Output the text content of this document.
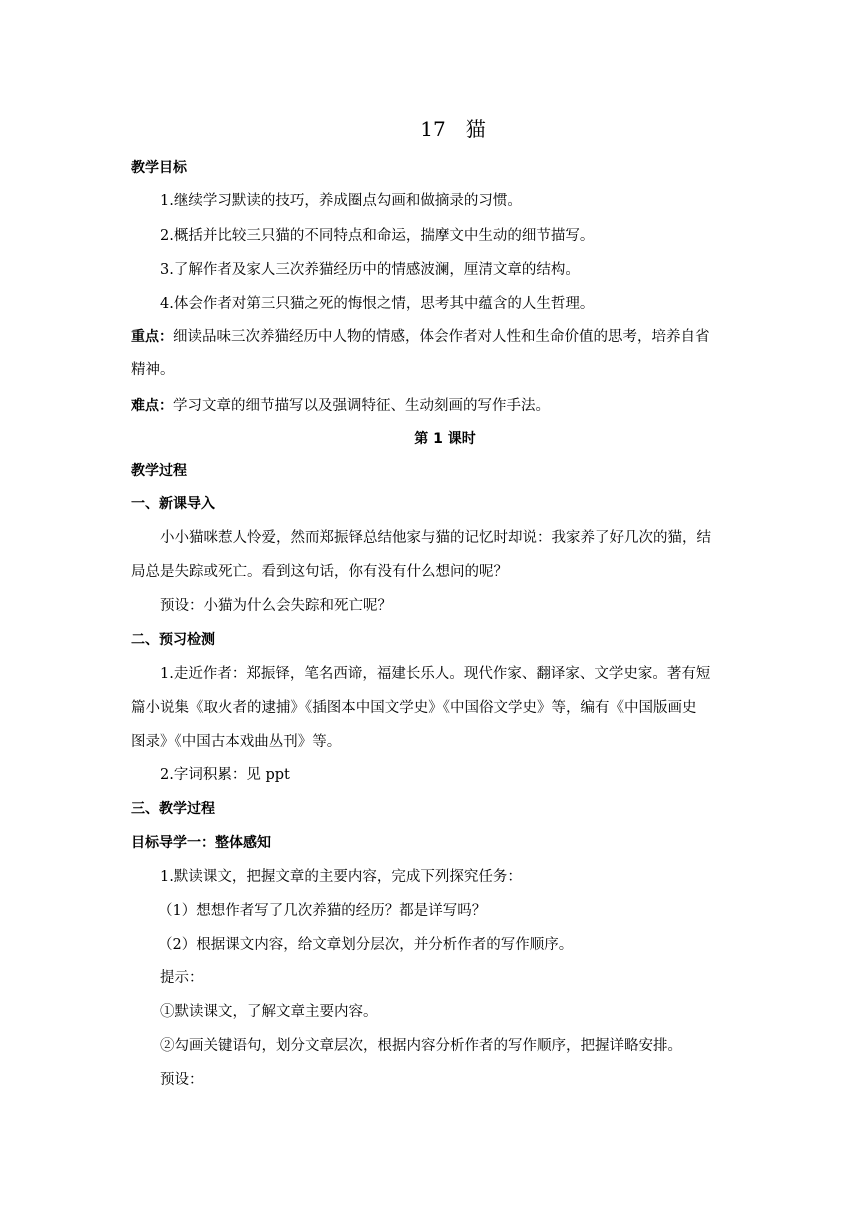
17　猫
教学目标
1.继续学习默读的技巧，养成圈点勾画和做摘录的习惯。
2.概括并比较三只猫的不同特点和命运，揣摩文中生动的细节描写。
3.了解作者及家人三次养猫经历中的情感波澜，厘清文章的结构。
4.体会作者对第三只猫之死的悔恨之情，思考其中蕴含的人生哲理。
重点：细读品味三次养猫经历中人物的情感，体会作者对人性和生命价值的思考，培养自省
精神。
难点：学习文章的细节描写以及强调特征、生动刻画的写作手法。
第 1 课时
教学过程
一、新课导入
小小猫咪惹人怜爱，然而郑振铎总结他家与猫的记忆时却说：我家养了好几次的猫，结
局总是失踪或死亡。看到这句话，你有没有什么想问的呢？
预设：小猫为什么会失踪和死亡呢？
二、预习检测
1.走近作者：郑振铎，笔名西谛，福建长乐人。现代作家、翻译家、文学史家。著有短
篇小说集《取火者的逮捕》《插图本中国文学史》《中国俗文学史》等，编有《中国版画史
图录》《中国古本戏曲丛刊》等。
2.字词积累：见 ppt
三、教学过程
目标导学一：整体感知
1.默读课文，把握文章的主要内容，完成下列探究任务：
（1）想想作者写了几次养猫的经历？都是详写吗？
（2）根据课文内容，给文章划分层次，并分析作者的写作顺序。
提示：
①默读课文，了解文章主要内容。
②勾画关键语句，划分文章层次，根据内容分析作者的写作顺序，把握详略安排。
预设：
